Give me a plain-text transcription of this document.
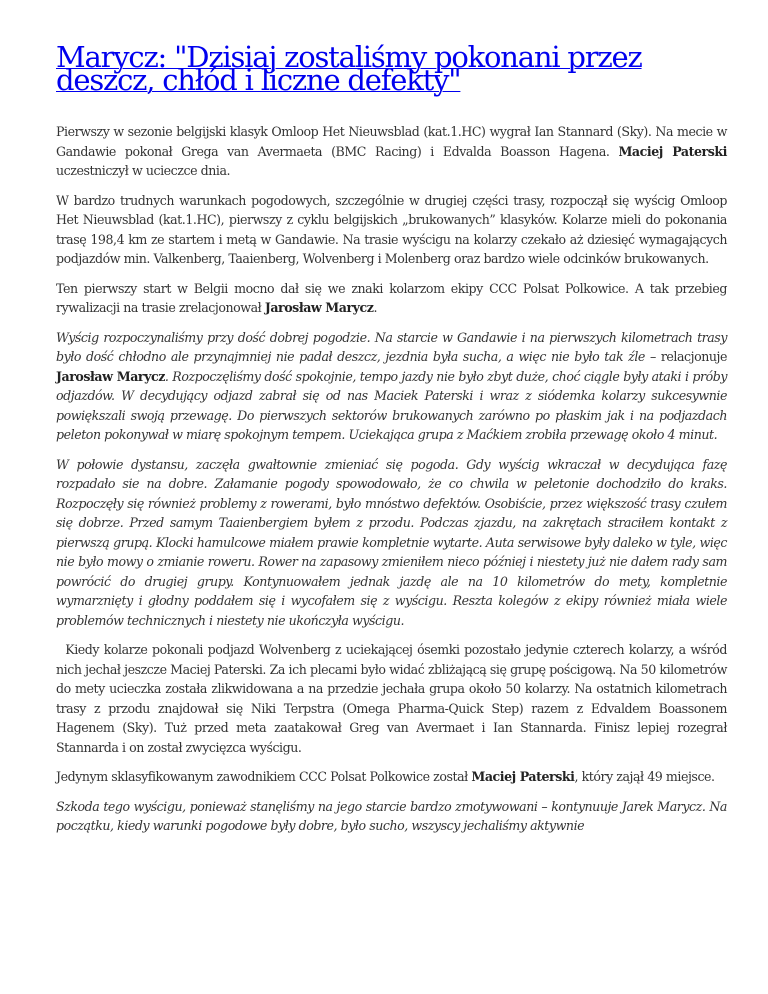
Marycz: "Dzisiaj zostaliśmy pokonani przez deszcz, chłód i liczne defekty"

Pierwszy w sezonie belgijski klasyk Omloop Het Nieuwsblad (kat.1.HC) wygrał Ian Stannard (Sky). Na mecie w Gandawie pokonał Grega van Avermaeta (BMC Racing) i Edvalda Boasson Hagena. Maciej Paterski uczestniczył w ucieczce dnia.

W bardzo trudnych warunkach pogodowych, szczególnie w drugiej części trasy, rozpoczął się wyścig Omloop Het Nieuwsblad (kat.1.HC), pierwszy z cyklu belgijskich „brukowanych” klasyków. Kolarze mieli do pokonania trasę 198,4 km ze startem i metą w Gandawie. Na trasie wyścigu na kolarzy czekało aż dziesięć wymagających podjazdów min. Valkenberg, Taaienberg, Wolvenberg i Molenberg oraz bardzo wiele odcinków brukowanych.

Ten pierwszy start w Belgii mocno dał się we znaki kolarzom ekipy CCC Polsat Polkowice. A tak przebieg rywalizacji na trasie zrelacjonował Jarosław Marycz.

Wyścig rozpoczynaliśmy przy dość dobrej pogodzie. Na starcie w Gandawie i na pierwszych kilometrach trasy było dość chłodno ale przynajmniej nie padał deszcz, jezdnia była sucha, a więc nie było tak źle – relacjonuje Jarosław Marycz. Rozpoczęliśmy dość spokojnie, tempo jazdy nie było zbyt duże, choć ciągle były ataki i próby odjazdów. W decydujący odjazd zabrał się od nas Maciek Paterski i wraz z siódemka kolarzy sukcesywnie powiększali swoją przewagę. Do pierwszych sektorów brukowanych zarówno po płaskim jak i na podjazdach peleton pokonywał w miarę spokojnym tempem. Uciekająca grupa z Maćkiem zrobiła przewagę około 4 minut.

W połowie dystansu, zaczęła gwałtownie zmieniać się pogoda. Gdy wyścig wkraczał w decydująca fazę rozpadało sie na dobre. Załamanie pogody spowodowało, że co chwila w peletonie dochodziło do kraks. Rozpoczęły się również problemy z rowerami, było mnóstwo defektów. Osobiście, przez większość trasy czułem się dobrze. Przed samym Taaienbergiem byłem z przodu. Podczas zjazdu, na zakrętach straciłem kontakt z pierwszą grupą. Klocki hamulcowe miałem prawie kompletnie wytarte. Auta serwisowe były daleko w tyle, więc nie było mowy o zmianie roweru. Rower na zapasowy zmieniłem nieco później i niestety już nie dałem rady sam powrócić do drugiej grupy. Kontynuowałem jednak jazdę ale na 10 kilometrów do mety, kompletnie wymarznięty i głodny poddałem się i wycofałem się z wyścigu. Reszta kolegów z ekipy również miała wiele problemów technicznych i niestety nie ukończyła wyścigu.

Kiedy kolarze pokonali podjazd Wolvenberg z uciekającej ósemki pozostało jedynie czterech kolarzy, a wśród nich jechał jeszcze Maciej Paterski. Za ich plecami było widać zbliżającą się grupę pościgową. Na 50 kilometrów do mety ucieczka została zlikwidowana a na przedzie jechała grupa około 50 kolarzy. Na ostatnich kilometrach trasy z przodu znajdował się Niki Terpstra (Omega Pharma-Quick Step) razem z Edvaldem Boassonem Hagenem (Sky). Tuż przed meta zaatakował Greg van Avermaet i Ian Stannarda. Finisz lepiej rozegrał Stannarda i on został zwycięzca wyścigu.

Jedynym sklasyfikowanym zawodnikiem CCC Polsat Polkowice został Maciej Paterski, który zajął 49 miejsce.

Szkoda tego wyścigu, ponieważ stanęliśmy na jego starcie bardzo zmotywowani – kontynuuje Jarek Marycz. Na początku, kiedy warunki pogodowe były dobre, było sucho, wszyscy jechaliśmy aktywnie
